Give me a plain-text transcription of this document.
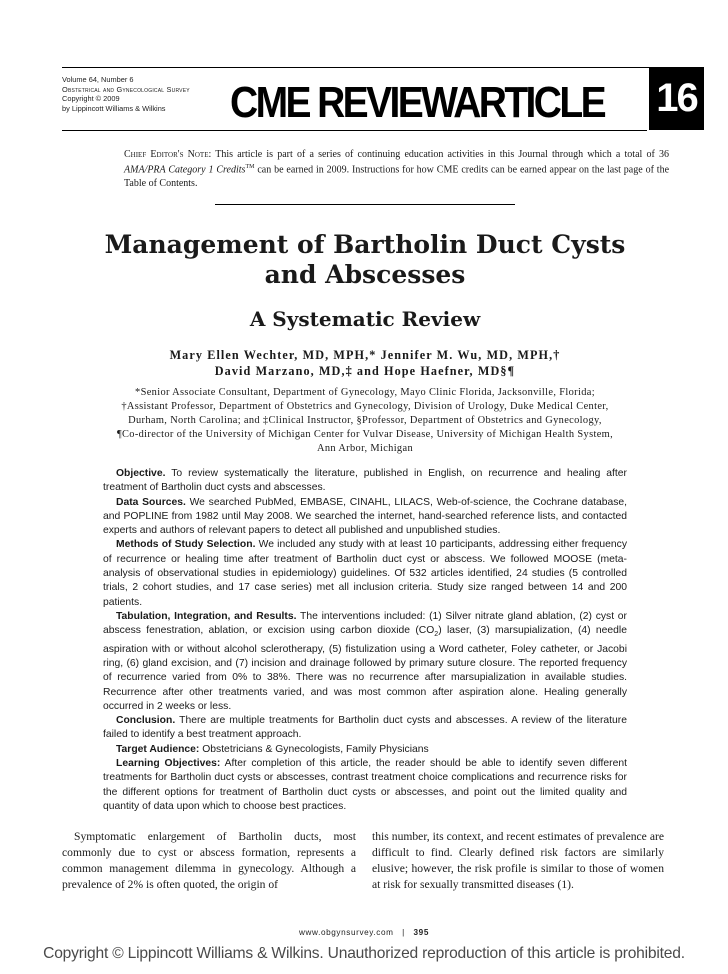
Volume 64, Number 6
Obstetrical and Gynecological Survey
Copyright © 2009
by Lippincott Williams & Wilkins	CME REVIEWARTICLE	16
Chief Editor's Note: This article is part of a series of continuing education activities in this Journal through which a total of 36 AMA/PRA Category 1 Credits™ can be earned in 2009. Instructions for how CME credits can be earned appear on the last page of the Table of Contents.
Management of Bartholin Duct Cysts
and Abscesses
A Systematic Review
Mary Ellen Wechter, MD, MPH,* Jennifer M. Wu, MD, MPH,†
David Marzano, MD,‡ and Hope Haefner, MD§¶
*Senior Associate Consultant, Department of Gynecology, Mayo Clinic Florida, Jacksonville, Florida;
†Assistant Professor, Department of Obstetrics and Gynecology, Division of Urology, Duke Medical Center,
Durham, North Carolina; and ‡Clinical Instructor, §Professor, Department of Obstetrics and Gynecology,
¶Co-director of the University of Michigan Center for Vulvar Disease, University of Michigan Health System,
Ann Arbor, Michigan

Objective. To review systematically the literature, published in English, on recurrence and healing after treatment of Bartholin duct cysts and abscesses.

Data Sources. We searched PubMed, EMBASE, CINAHL, LILACS, Web-of-science, the Cochrane database, and POPLINE from 1982 until May 2008. We searched the internet, hand-searched reference lists, and contacted experts and authors of relevant papers to detect all published and unpublished studies.

Methods of Study Selection. We included any study with at least 10 participants, addressing either frequency of recurrence or healing time after treatment of Bartholin duct cyst or abscess. We followed MOOSE (meta-analysis of observational studies in epidemiology) guidelines. Of 532 articles identified, 24 studies (5 controlled trials, 2 cohort studies, and 17 case series) met all inclusion criteria. Study size ranged between 14 and 200 patients.

Tabulation, Integration, and Results. The interventions included: (1) Silver nitrate gland ablation, (2) cyst or abscess fenestration, ablation, or excision using carbon dioxide $(CO_2)$ laser, (3) marsupialization, (4) needle aspiration with or without alcohol sclerotherapy, (5) fistulization using a Word catheter, Foley catheter, or Jacobi ring, (6) gland excision, and (7) incision and drainage followed by primary suture closure. The reported frequency of recurrence varied from 0% to 38%. There was no recurrence after marsupialization in available studies. Recurrence after other treatments varied, and was most common after aspiration alone. Healing generally occurred in 2 weeks or less.

Conclusion. There are multiple treatments for Bartholin duct cysts and abscesses. A review of the literature failed to identify a best treatment approach.

Target Audience: Obstetricians & Gynecologists, Family Physicians

Learning Objectives: After completion of this article, the reader should be able to identify seven different treatments for Bartholin duct cysts or abscesses, contrast treatment choice complications and recurrence risks for the different options for treatment of Bartholin duct cysts or abscesses, and point out the limited quality and quantity of data upon which to choose best practices.

Symptomatic enlargement of Bartholin ducts, most commonly due to cyst or abscess formation, represents a common management dilemma in gynecology. Although a prevalence of 2% is often quoted, the origin of

this number, its context, and recent estimates of prevalence are difficult to find. Clearly defined risk factors are similarly elusive; however, the risk profile is similar to those of women at risk for sexually transmitted diseases (1).

www.obgynsurvey.com | 395
Copyright © Lippincott Williams & Wilkins. Unauthorized reproduction of this article is prohibited.
